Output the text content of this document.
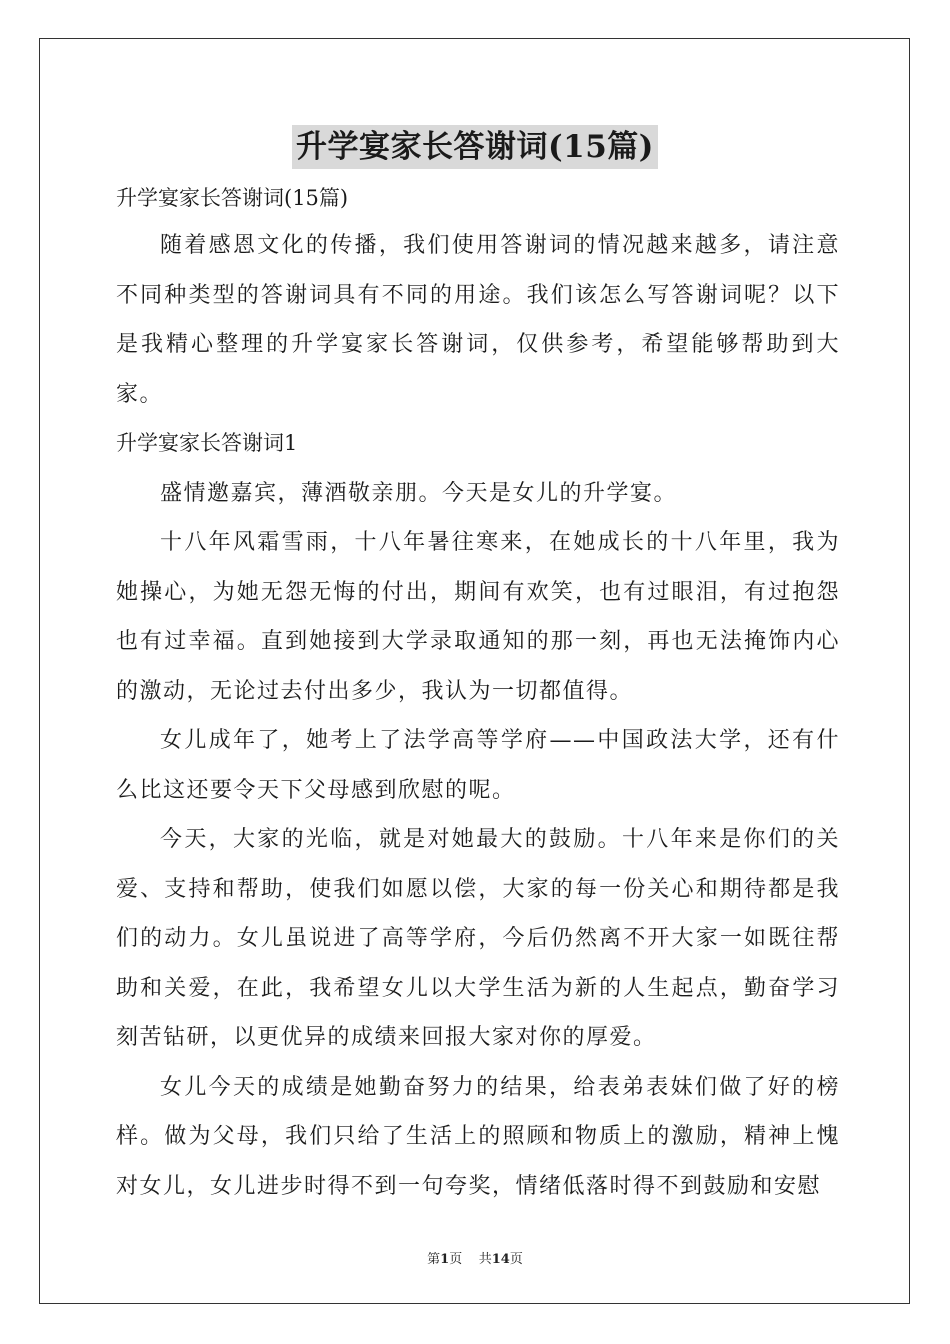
升学宴家长答谢词(15篇)

升学宴家长答谢词(15篇)

随着感恩文化的传播，我们使用答谢词的情况越来越多，请注意不同种类型的答谢词具有不同的用途。我们该怎么写答谢词呢？以下是我精心整理的升学宴家长答谢词，仅供参考，希望能够帮助到大家。

升学宴家长答谢词1

盛情邀嘉宾，薄酒敬亲朋。今天是女儿的升学宴。

十八年风霜雪雨，十八年暑往寒来，在她成长的十八年里，我为她操心，为她无怨无悔的付出，期间有欢笑，也有过眼泪，有过抱怨也有过幸福。直到她接到大学录取通知的那一刻，再也无法掩饰内心的激动，无论过去付出多少，我认为一切都值得。

女儿成年了，她考上了法学高等学府——中国政法大学，还有什么比这还要令天下父母感到欣慰的呢。

今天，大家的光临，就是对她最大的鼓励。十八年来是你们的关爱、支持和帮助，使我们如愿以偿，大家的每一份关心和期待都是我们的动力。女儿虽说进了高等学府，今后仍然离不开大家一如既往帮助和关爱，在此，我希望女儿以大学生活为新的人生起点，勤奋学习刻苦钻研，以更优异的成绩来回报大家对你的厚爱。

女儿今天的成绩是她勤奋努力的结果，给表弟表妹们做了好的榜样。做为父母，我们只给了生活上的照顾和物质上的激励，精神上愧对女儿，女儿进步时得不到一句夸奖，情绪低落时得不到鼓励和安慰

第1页 共14页
